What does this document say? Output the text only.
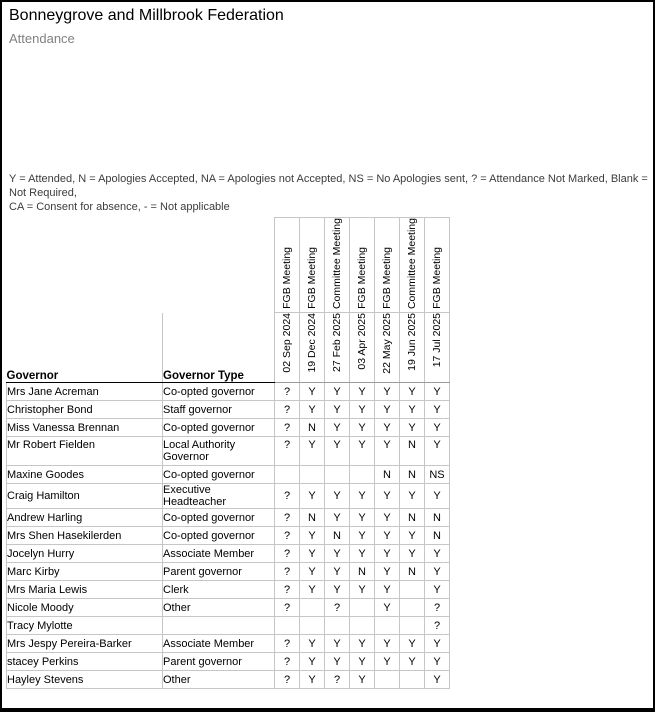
Bonneygrove and Millbrook Federation
Attendance
Y = Attended, N = Apologies Accepted, NA = Apologies not Accepted, NS = No Apologies sent, ? = Attendance Not Marked, Blank = Not Required,
CA = Consent for absence, - = Not applicable
		FGB Meeting	FGB Meeting	Committee Meeting	FGB Meeting	FGB Meeting	Committee Meeting	FGB Meeting
Governor	Governor Type	02 Sep 2024	19 Dec 2024	27 Feb 2025	03 Apr 2025	22 May 2025	19 Jun 2025	17 Jul 2025
Mrs Jane Acreman	Co-opted governor	?	Y	Y	Y	Y	Y	Y
Christopher Bond	Staff governor	?	Y	Y	Y	Y	Y	Y
Miss Vanessa Brennan	Co-opted governor	?	N	Y	Y	Y	Y	Y
Mr Robert Fielden	Local Authority Governor	?	Y	Y	Y	Y	N	Y
Maxine Goodes	Co-opted governor					N	N	NS
Craig Hamilton	Executive Headteacher	?	Y	Y	Y	Y	Y	Y
Andrew Harling	Co-opted governor	?	N	Y	Y	Y	N	N
Mrs Shen Hasekilerden	Co-opted governor	?	Y	N	Y	Y	Y	N
Jocelyn Hurry	Associate Member	?	Y	Y	Y	Y	Y	Y
Marc Kirby	Parent governor	?	Y	Y	N	Y	N	Y
Mrs Maria Lewis	Clerk	?	Y	Y	Y	Y		Y
Nicole Moody	Other	?		?		Y		?
Tracy Mylotte								?
Mrs Jespy Pereira-Barker	Associate Member	?	Y	Y	Y	Y	Y	Y
stacey Perkins	Parent governor	?	Y	Y	Y	Y	Y	Y
Hayley Stevens	Other	?	Y	?	Y			Y
